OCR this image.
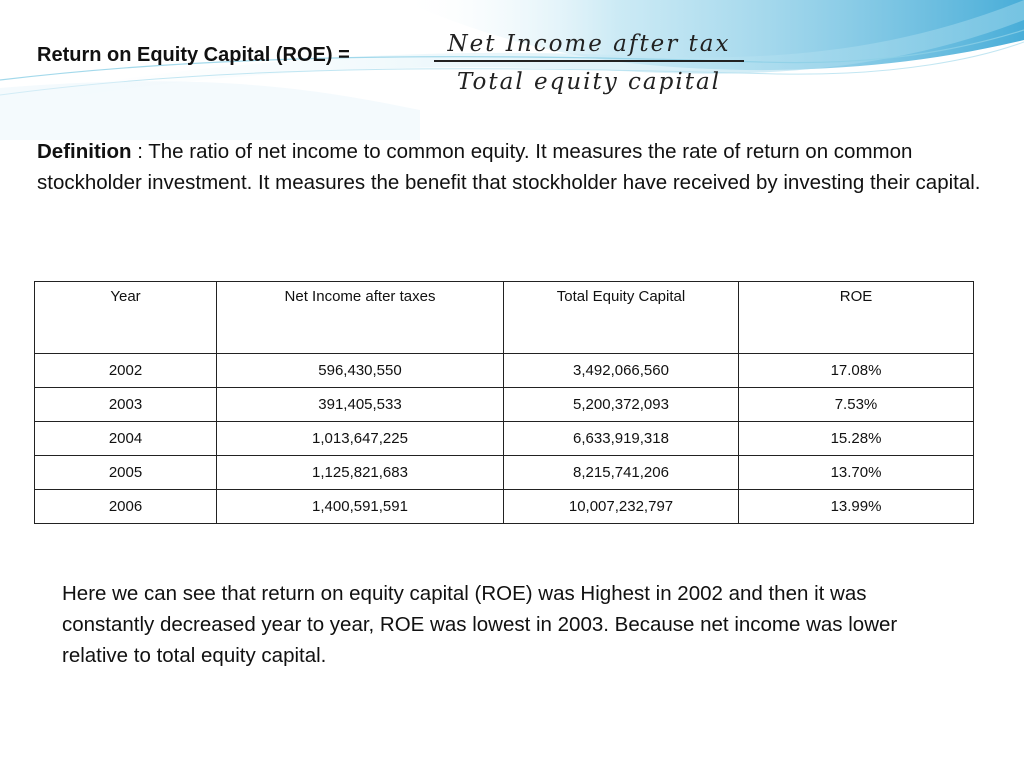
Return on Equity Capital (ROE) =	Net Income after tax
Total equity capital
Definition : The ratio of net income to common equity. It measures the rate of return on common stockholder investment. It measures the benefit that stockholder have received by investing their capital.
Year	Net Income after taxes	Total Equity Capital	ROE
2002	596,430,550	3,492,066,560	17.08%
2003	391,405,533	5,200,372,093	7.53%
2004	1,013,647,225	6,633,919,318	15.28%
2005	1,125,821,683	8,215,741,206	13.70%
2006	1,400,591,591	10,007,232,797	13.99%
Here we can see that return on equity capital (ROE) was Highest in 2002 and then it was constantly decreased year to year, ROE was lowest in 2003. Because net income was lower relative to total equity capital.
